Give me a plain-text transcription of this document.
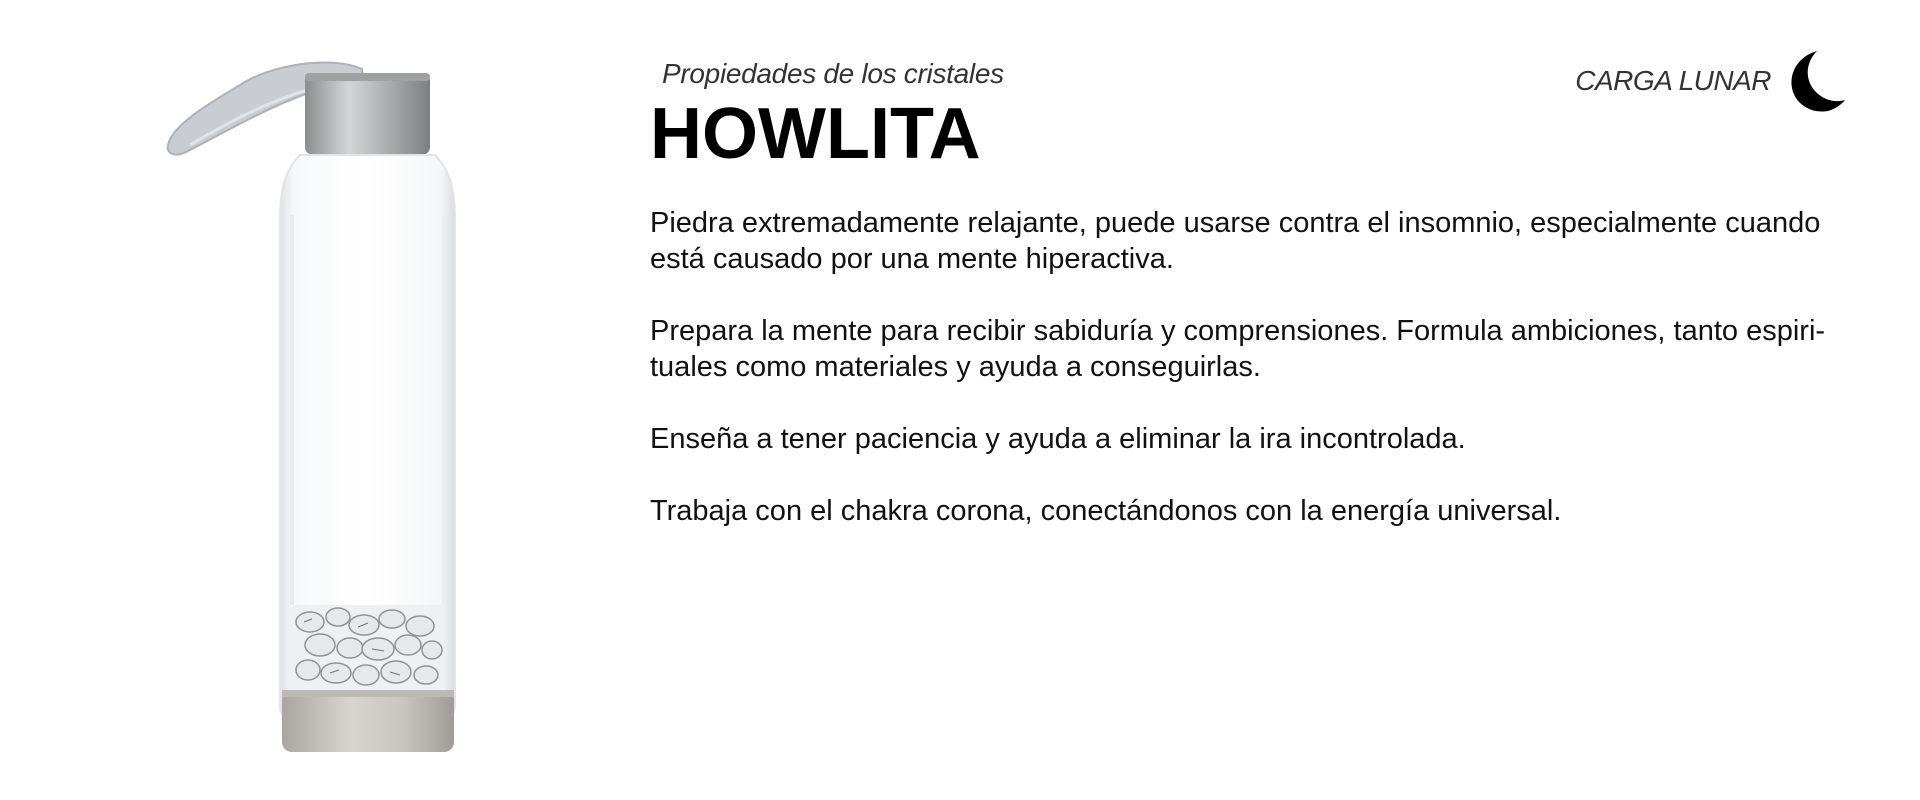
Propiedades de los cristales
HOWLITA
CARGA LUNAR

Piedra extremadamente relajante, puede usarse contra el insomnio, especialmente cuando
está causado por una mente hiperactiva.

Prepara la mente para recibir sabiduría y comprensiones. Formula ambiciones, tanto espiri-
tuales como materiales y ayuda a conseguirlas.

Enseña a tener paciencia y ayuda a eliminar la ira incontrolada.

Trabaja con el chakra corona, conectándonos con la energía universal.
